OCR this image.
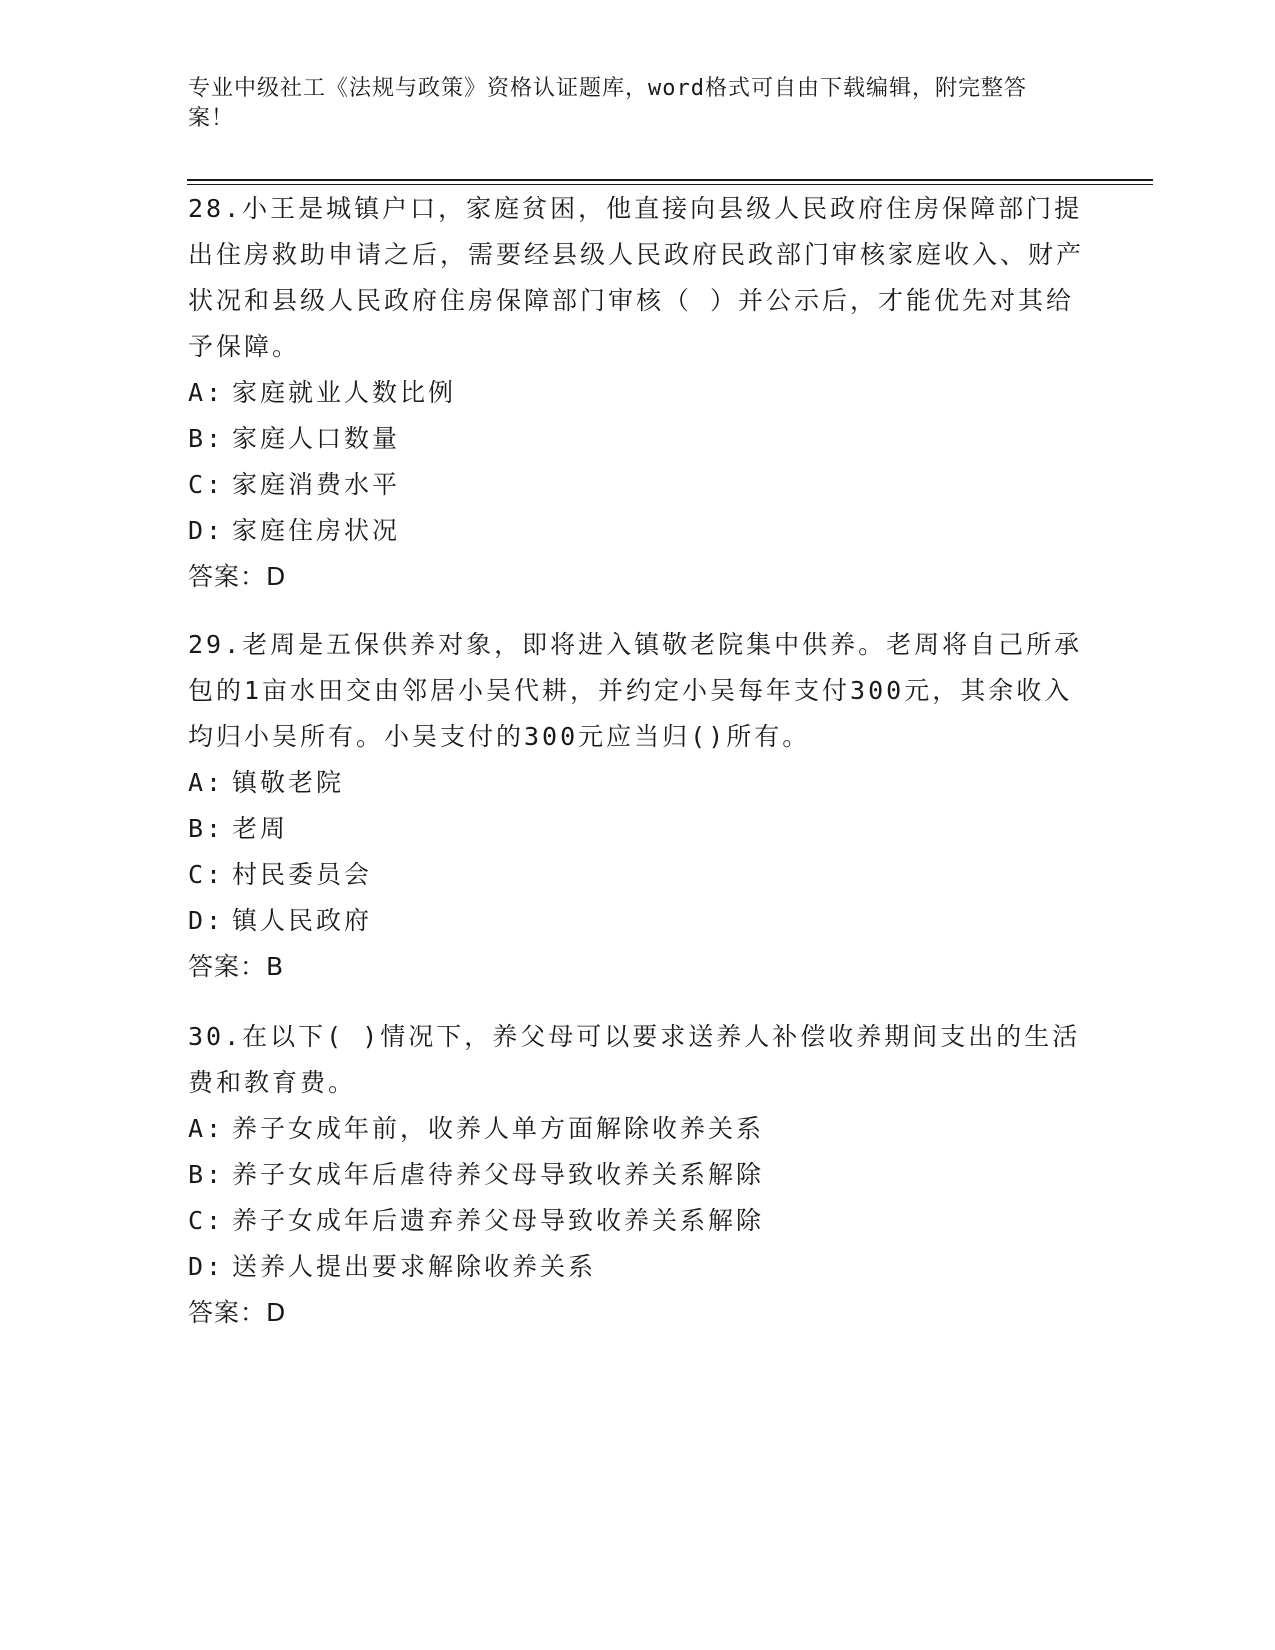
专业中级社工《法规与政策》资格认证题库，word格式可自由下载编辑，附完整答案！

28.小王是城镇户口，家庭贫困，他直接向县级人民政府住房保障部门提出住房救助申请之后，需要经县级人民政府民政部门审核家庭收入、财产状况和县级人民政府住房保障部门审核（ ）并公示后，才能优先对其给予保障。

A: 家庭就业人数比例

B: 家庭人口数量

C: 家庭消费水平

D: 家庭住房状况

答案：D

29.老周是五保供养对象，即将进入镇敬老院集中供养。老周将自己所承包的1亩水田交由邻居小吴代耕，并约定小吴每年支付300元，其余收入均归小吴所有。小吴支付的300元应当归()所有。

A: 镇敬老院

B: 老周

C: 村民委员会

D: 镇人民政府

答案：B

30.在以下( )情况下，养父母可以要求送养人补偿收养期间支出的生活费和教育费。

A: 养子女成年前，收养人单方面解除收养关系

B: 养子女成年后虐待养父母导致收养关系解除

C: 养子女成年后遗弃养父母导致收养关系解除

D: 送养人提出要求解除收养关系

答案：D
